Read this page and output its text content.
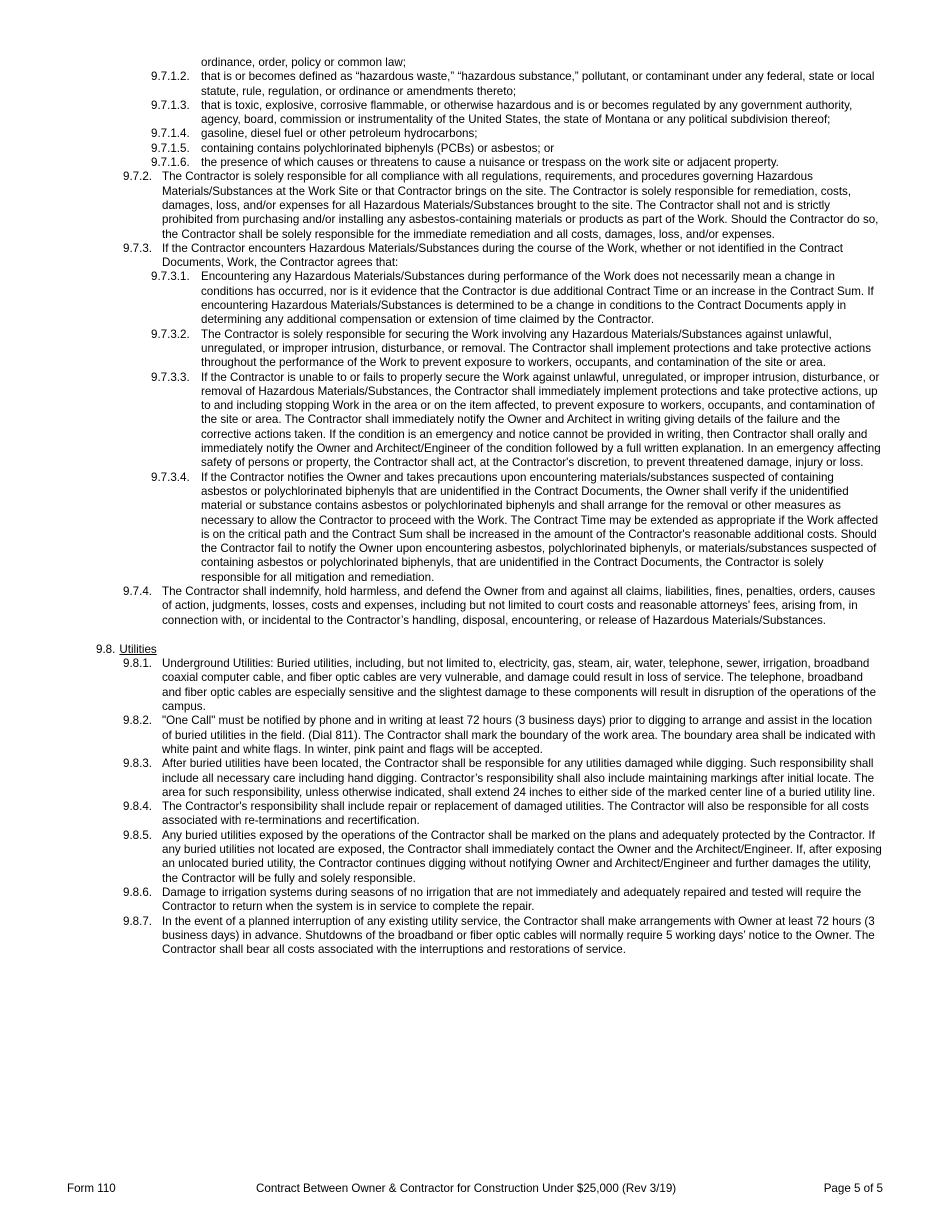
ordinance, order, policy or common law;
9.7.1.2. that is or becomes defined as “hazardous waste,” “hazardous substance,” pollutant, or contaminant under any federal, state or local statute, rule, regulation, or ordinance or amendments thereto;
9.7.1.3. that is toxic, explosive, corrosive flammable, or otherwise hazardous and is or becomes regulated by any government authority, agency, board, commission or instrumentality of the United States, the state of Montana or any political subdivision thereof;
9.7.1.4. gasoline, diesel fuel or other petroleum hydrocarbons;
9.7.1.5. containing contains polychlorinated biphenyls (PCBs) or asbestos; or
9.7.1.6. the presence of which causes or threatens to cause a nuisance or trespass on the work site or adjacent property.
9.7.2. The Contractor is solely responsible for all compliance with all regulations, requirements, and procedures governing Hazardous Materials/Substances at the Work Site or that Contractor brings on the site. The Contractor is solely responsible for remediation, costs, damages, loss, and/or expenses for all Hazardous Materials/Substances brought to the site. The Contractor shall not and is strictly prohibited from purchasing and/or installing any asbestos-containing materials or products as part of the Work. Should the Contractor do so, the Contractor shall be solely responsible for the immediate remediation and all costs, damages, loss, and/or expenses.
9.7.3. If the Contractor encounters Hazardous Materials/Substances during the course of the Work, whether or not identified in the Contract Documents, Work, the Contractor agrees that:
9.7.3.1. Encountering any Hazardous Materials/Substances during performance of the Work does not necessarily mean a change in conditions has occurred, nor is it evidence that the Contractor is due additional Contract Time or an increase in the Contract Sum. If encountering Hazardous Materials/Substances is determined to be a change in conditions to the Contract Documents apply in determining any additional compensation or extension of time claimed by the Contractor.
9.7.3.2. The Contractor is solely responsible for securing the Work involving any Hazardous Materials/Substances against unlawful, unregulated, or improper intrusion, disturbance, or removal. The Contractor shall implement protections and take protective actions throughout the performance of the Work to prevent exposure to workers, occupants, and contamination of the site or area.
9.7.3.3. If the Contractor is unable to or fails to properly secure the Work against unlawful, unregulated, or improper intrusion, disturbance, or removal of Hazardous Materials/Substances, the Contractor shall immediately implement protections and take protective actions, up to and including stopping Work in the area or on the item affected, to prevent exposure to workers, occupants, and contamination of the site or area. The Contractor shall immediately notify the Owner and Architect in writing giving details of the failure and the corrective actions taken. If the condition is an emergency and notice cannot be provided in writing, then Contractor shall orally and immediately notify the Owner and Architect/Engineer of the condition followed by a full written explanation. In an emergency affecting safety of persons or property, the Contractor shall act, at the Contractor's discretion, to prevent threatened damage, injury or loss.
9.7.3.4. If the Contractor notifies the Owner and takes precautions upon encountering materials/substances suspected of containing asbestos or polychlorinated biphenyls that are unidentified in the Contract Documents, the Owner shall verify if the unidentified material or substance contains asbestos or polychlorinated biphenyls and shall arrange for the removal or other measures as necessary to allow the Contractor to proceed with the Work. The Contract Time may be extended as appropriate if the Work affected is on the critical path and the Contract Sum shall be increased in the amount of the Contractor's reasonable additional costs. Should the Contractor fail to notify the Owner upon encountering asbestos, polychlorinated biphenyls, or materials/substances suspected of containing asbestos or polychlorinated biphenyls, that are unidentified in the Contract Documents, the Contractor is solely responsible for all mitigation and remediation.
9.7.4. The Contractor shall indemnify, hold harmless, and defend the Owner from and against all claims, liabilities, fines, penalties, orders, causes of action, judgments, losses, costs and expenses, including but not limited to court costs and reasonable attorneys' fees, arising from, in connection with, or incidental to the Contractor’s handling, disposal, encountering, or release of Hazardous Materials/Substances.
9.8. Utilities
9.8.1. Underground Utilities: Buried utilities, including, but not limited to, electricity, gas, steam, air, water, telephone, sewer, irrigation, broadband coaxial computer cable, and fiber optic cables are very vulnerable, and damage could result in loss of service. The telephone, broadband and fiber optic cables are especially sensitive and the slightest damage to these components will result in disruption of the operations of the campus.
9.8.2. "One Call" must be notified by phone and in writing at least 72 hours (3 business days) prior to digging to arrange and assist in the location of buried utilities in the field. (Dial 811). The Contractor shall mark the boundary of the work area. The boundary area shall be indicated with white paint and white flags. In winter, pink paint and flags will be accepted.
9.8.3. After buried utilities have been located, the Contractor shall be responsible for any utilities damaged while digging. Such responsibility shall include all necessary care including hand digging. Contractor’s responsibility shall also include maintaining markings after initial locate. The area for such responsibility, unless otherwise indicated, shall extend 24 inches to either side of the marked center line of a buried utility line.
9.8.4. The Contractor's responsibility shall include repair or replacement of damaged utilities. The Contractor will also be responsible for all costs associated with re-terminations and recertification.
9.8.5. Any buried utilities exposed by the operations of the Contractor shall be marked on the plans and adequately protected by the Contractor. If any buried utilities not located are exposed, the Contractor shall immediately contact the Owner and the Architect/Engineer. If, after exposing an unlocated buried utility, the Contractor continues digging without notifying Owner and Architect/Engineer and further damages the utility, the Contractor will be fully and solely responsible.
9.8.6. Damage to irrigation systems during seasons of no irrigation that are not immediately and adequately repaired and tested will require the Contractor to return when the system is in service to complete the repair.
9.8.7. In the event of a planned interruption of any existing utility service, the Contractor shall make arrangements with Owner at least 72 hours (3 business days) in advance. Shutdowns of the broadband or fiber optic cables will normally require 5 working days’ notice to the Owner. The Contractor shall bear all costs associated with the interruptions and restorations of service.
Form 110	Contract Between Owner & Contractor for Construction Under $25,000 (Rev 3/19)	Page 5 of 5
